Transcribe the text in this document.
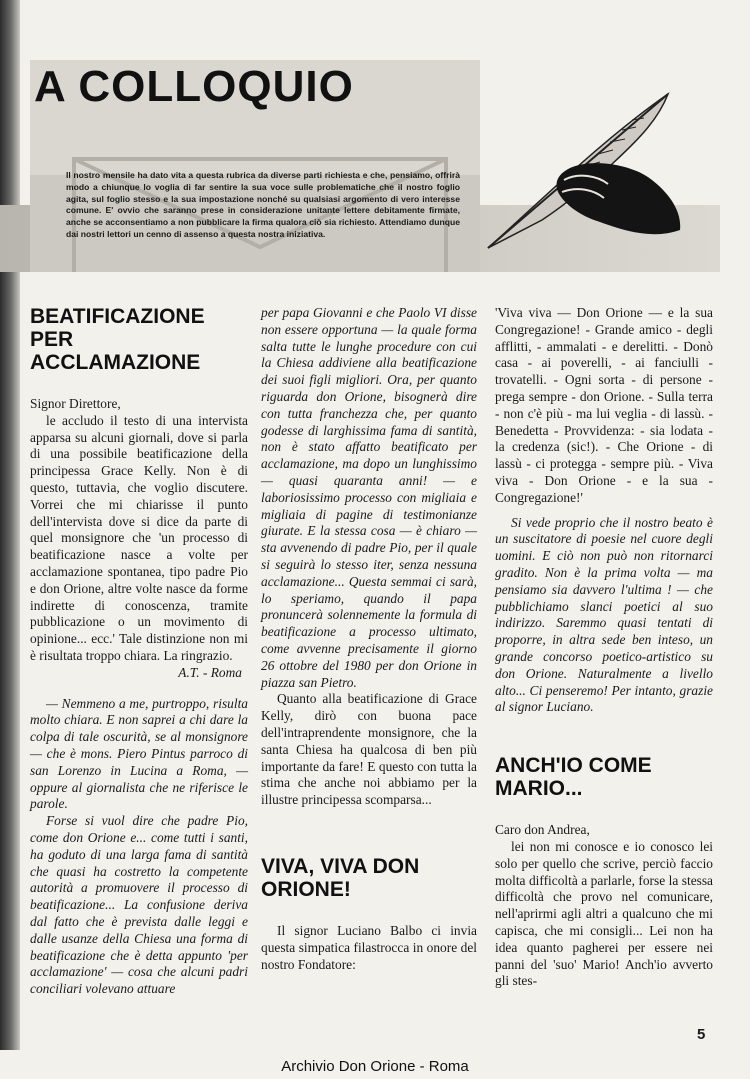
A COLLOQUIO
Il nostro mensile ha dato vita a questa rubrica da diverse parti richiesta e che, pensiamo, offrirà modo a chiunque lo voglia di far sentire la sua voce sulle problematiche che il nostro foglio agita, sul foglio stesso e la sua impostazione nonché su qualsiasi argomento di vero interesse comune. E' ovvio che saranno prese in considerazione unitante lettere debitamente firmate, anche se acconsentiamo a non pubblicare la firma qualora ciò sia richiesto. Attendiamo dunque dai nostri lettori un cenno di assenso a questa nostra iniziativa.
BEATIFICAZIONE PER ACCLAMAZIONE

Signor Direttore,

le accludo il testo di una intervista apparsa su alcuni giornali, dove si parla di una possibile beatificazione della principessa Grace Kelly. Non è di questo, tuttavia, che voglio discutere. Vorrei che mi chiarisse il punto dell'intervista dove si dice da parte di quel monsignore che 'un processo di beatificazione nasce a volte per acclamazione spontanea, tipo padre Pio e don Orione, altre volte nasce da forme indirette di conoscenza, tramite pubblicazione o un movimento di opinione... ecc.' Tale distinzione non mi è risultata troppo chiara. La ringrazio.

A.T. - Roma

— Nemmeno a me, purtroppo, risulta molto chiara. E non saprei a chi dare la colpa di tale oscurità, se al monsignore — che è mons. Piero Pintus parroco di san Lorenzo in Lucina a Roma, — oppure al giornalista che ne riferisce le parole.

Forse si vuol dire che padre Pio, come don Orione e... come tutti i santi, ha goduto di una larga fama di santità che quasi ha costretto la competente autorità a promuovere il processo di beatificazione... La confusione deriva dal fatto che è prevista dalle leggi e dalle usanze della Chiesa una forma di beatificazione che è detta appunto 'per acclamazione' — cosa che alcuni padri conciliari volevano attuare

per papa Giovanni e che Paolo VI disse non essere opportuna — la quale forma salta tutte le lunghe procedure con cui la Chiesa addiviene alla beatificazione dei suoi figli migliori. Ora, per quanto riguarda don Orione, bisognerà dire con tutta franchezza che, per quanto godesse di larghissima fama di santità, non è stato affatto beatificato per acclamazione, ma dopo un lunghissimo — quasi quaranta anni! — e laboriosissimo processo con migliaia e migliaia di pagine di testimonianze giurate. E la stessa cosa — è chiaro — sta avvenendo di padre Pio, per il quale si seguirà lo stesso iter, senza nessuna acclamazione... Questa semmai ci sarà, lo speriamo, quando il papa pronuncerà solennemente la formula di beatificazione a processo ultimato, come avvenne precisamente il giorno 26 ottobre del 1980 per don Orione in piazza san Pietro.

Quanto alla beatificazione di Grace Kelly, dirò con buona pace dell'intraprendente monsignore, che la santa Chiesa ha qualcosa di ben più importante da fare! E questo con tutta la stima che anche noi abbiamo per la illustre principessa scomparsa...

VIVA, VIVA DON ORIONE!

Il signor Luciano Balbo ci invia questa simpatica filastrocca in onore del nostro Fondatore:

'Viva viva — Don Orione — e la sua Congregazione! - Grande amico - degli afflitti, - ammalati - e derelitti. - Donò casa - ai poverelli, - ai fanciulli - trovatelli. - Ogni sorta - di persone - prega sempre - don Orione. - Sulla terra - non c'è più - ma lui veglia - di lassù. - Benedetta - Provvidenza: - sia lodata - la credenza (sic!). - Che Orione - di lassù - ci protegga - sempre più. - Viva viva - Don Orione - e la sua - Congregazione!'

Si vede proprio che il nostro beato è un suscitatore di poesie nel cuore degli uomini. E ciò non può non ritornarci gradito. Non è la prima volta — ma pensiamo sia davvero l'ultima ! — che pubblichiamo slanci poetici al suo indirizzo. Saremmo quasi tentati di proporre, in altra sede ben inteso, un grande concorso poetico-artistico su don Orione. Naturalmente a livello alto... Ci penseremo! Per intanto, grazie al signor Luciano.

ANCH'IO COME MARIO...

Caro don Andrea,

lei non mi conosce e io conosco lei solo per quello che scrive, perciò faccio molta difficoltà a parlarle, forse la stessa difficoltà che provo nel comunicare, nell'aprirmi agli altri a qualcuno che mi capisca, che mi consigli... Lei non ha idea quanto pagherei per essere nei panni del 'suo' Mario! Anch'io avverto gli stes-

5
Archivio Don Orione - Roma
